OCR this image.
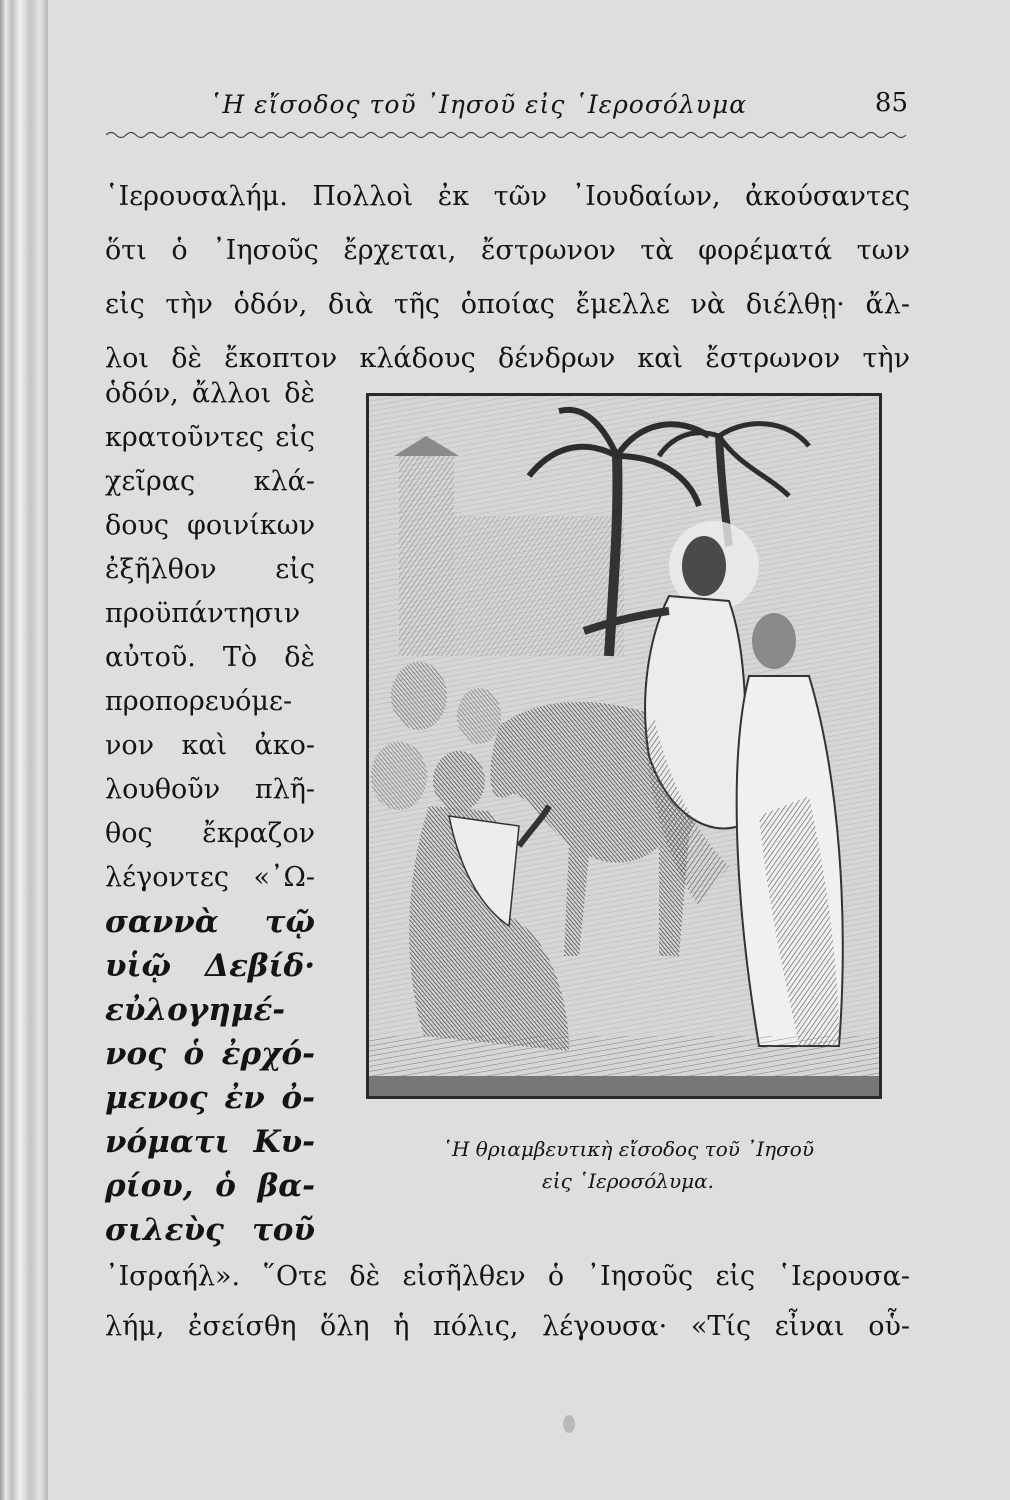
῾Η εἴσοδος τοῦ ᾿Ιησοῦ εἰς ῾Ιεροσόλυμα	85
῾Ιερουσαλήμ. Πολλοὶ ἐκ τῶν ᾿Ιουδαίων, ἀκούσαντες
ὅτι ὁ ᾿Ιησοῦς ἔρχεται, ἔστρωνον τὰ φορέματά των
εἰς τὴν ὁδόν, διὰ τῆς ὁποίας ἔμελλε νὰ διέλθῃ· ἄλ-
λοι δὲ ἔκοπτον κλάδους δένδρων καὶ ἔστρωνον τὴν
ὁδόν, ἄλλοι δὲ
κρατοῦντες εἰς
χεῖρας κλά-
δους φοινίκων
ἐξῆλθον εἰς
προϋπάντησιν
αὐτοῦ. Τὸ δὲ
προπορευόμε-
νον καὶ ἀκο-
λουθοῦν πλῆ-
θος ἔκραζον
λέγοντες «᾿Ω-
σαννὰ τῷ
υἱῷ Δεβίδ·
εὐλογημέ-
νος ὁ ἐρχό-
μενος ἐν ὀ-
νόματι Κυ-
ρίου, ὁ βα-
σιλεὺς τοῦ
῾Η θριαμβευτικὴ εἴσοδος τοῦ ᾿Ιησοῦ
εἰς ῾Ιεροσόλυμα.
᾿Ισραήλ». ῞Οτε δὲ εἰσῆλθεν ὁ ᾿Ιησοῦς εἰς ῾Ιερουσα-
λήμ, ἐσείσθη ὅλη ἡ πόλις, λέγουσα· «Τίς εἶναι οὗ-
